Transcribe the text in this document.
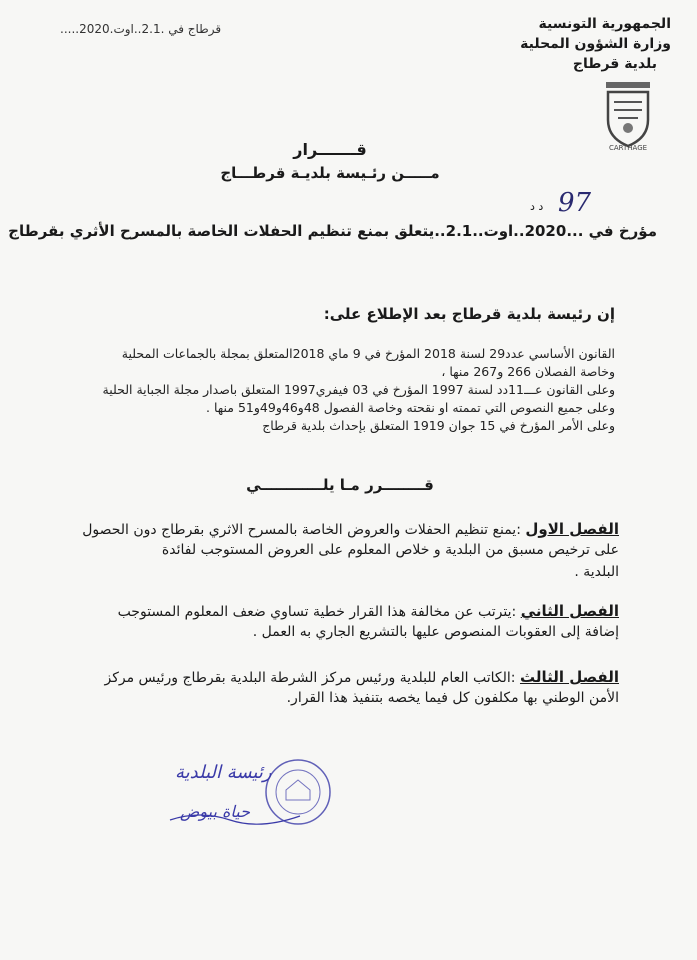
قرطاج في .2.1..اوت.2020.....	الجمهورية التونسية
وزارة الشؤون المحلية
بلدية قرطاج
CARTHAGE
قـــــــرار
مـــــن رئـيسة بلديـة قرطـــاج
د د 97
مؤرخ في ...2020..اوت..2.1..يتعلق بمنع تنظيم الحفلات الخاصة بالمسرح الأثري بقرطاج
إن رئيسة بلدية قرطاج بعد الإطلاع على:
القانون الأساسي عدد29 لسنة 2018 المؤرخ في 9 ماي 2018المتعلق بمجلة بالجماعات المحلية
وخاصة الفصلان 266 و267 منها ،
وعلى القانون عـــ11دد لسنة 1997 المؤرخ في 03 فيفري1997 المتعلق باصدار مجلة الجباية الحلية
وعلى جميع النصوص التي تممته او نقحته وخاصة الفصول 48و46و49و51 منها .
وعلى الأمر المؤرخ في 15 جوان 1919 المتعلق بإحداث بلدية قرطاج
قــــــــرر مـا يلــــــــــــي
الفصل الاول :يمنع تنظيم الحفلات والعروض الخاصة بالمسرح الاثري بقرطاج دون الحصول
على ترخيص مسبق من البلدية و خلاص المعلوم على العروض المستوجب لفائدة
البلدية .
الفصل الثاني :يترتب عن مخالفة هذا القرار خطية تساوي ضعف المعلوم المستوجب
إضافة إلى العقوبات المنصوص عليها بالتشريع الجاري به العمل .
الفصل الثالث :الكاتب العام للبلدية ورئيس مركز الشرطة البلدية بقرطاج ورئيس مركز
الأمن الوطني بها مكلفون كل فيما يخصه بتنفيذ هذا القرار.
رئيسة البلدية
حياة بيوض
